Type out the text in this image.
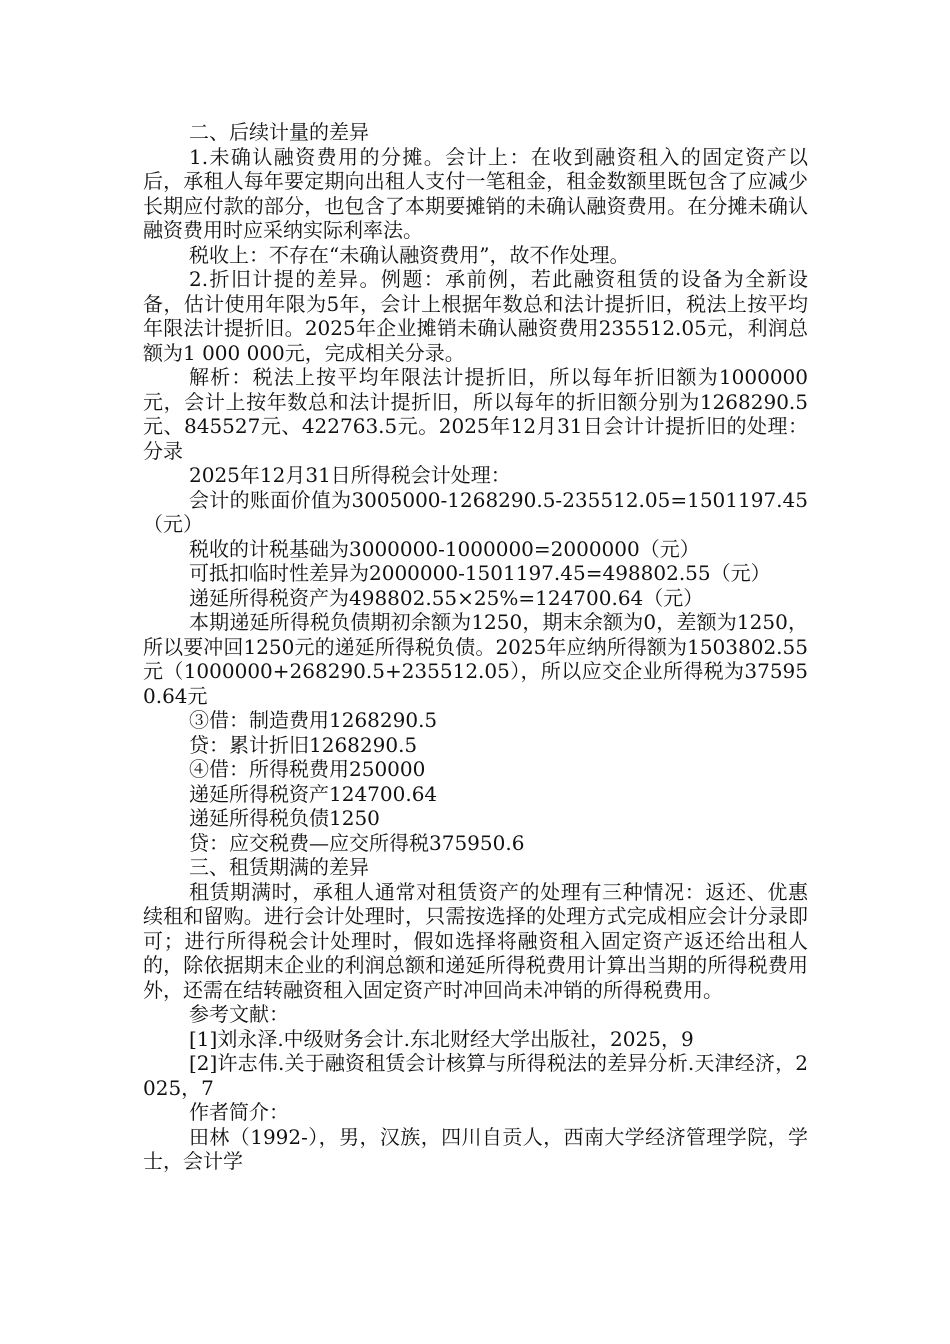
二、后续计量的差异

1.未确认融资费用的分摊。会计上：在收到融资租入的固定资产以后，承租人每年要定期向出租人支付一笔租金，租金数额里既包含了应减少长期应付款的部分，也包含了本期要摊销的未确认融资费用。在分摊未确认融资费用时应采纳实际利率法。

税收上：不存在“未确认融资费用”，故不作处理。

2.折旧计提的差异。例题：承前例，若此融资租赁的设备为全新设备，估计使用年限为5年，会计上根据年数总和法计提折旧，税法上按平均年限法计提折旧。2025年企业摊销未确认融资费用235512.05元，利润总额为1 000 000元，完成相关分录。

解析：税法上按平均年限法计提折旧，所以每年折旧额为1000000元，会计上按年数总和法计提折旧，所以每年的折旧额分别为1268290.5元、845527元、422763.5元。2025年12月31日会计计提折旧的处理：分录

2025年12月31日所得税会计处理：

会计的账面价值为3005000-1268290.5-235512.05=1501197.45（元）

税收的计税基础为3000000-1000000=2000000（元）

可抵扣临时性差异为2000000-1501197.45=498802.55（元）

递延所得税资产为498802.55×25%=124700.64（元）

本期递延所得税负债期初余额为1250，期末余额为0，差额为1250，所以要冲回1250元的递延所得税负债。2025年应纳所得额为1503802.55元（1000000+268290.5+235512.05），所以应交企业所得税为375950.64元

③借：制造费用1268290.5

贷：累计折旧1268290.5

④借：所得税费用250000

递延所得税资产124700.64

递延所得税负债1250

贷：应交税费—应交所得税375950.6

三、租赁期满的差异

租赁期满时，承租人通常对租赁资产的处理有三种情况：返还、优惠续租和留购。进行会计处理时，只需按选择的处理方式完成相应会计分录即可；进行所得税会计处理时，假如选择将融资租入固定资产返还给出租人的，除依据期末企业的利润总额和递延所得税费用计算出当期的所得税费用外，还需在结转融资租入固定资产时冲回尚未冲销的所得税费用。

参考文献：

[1]刘永泽.中级财务会计.东北财经大学出版社，2025，9

[2]许志伟.关于融资租赁会计核算与所得税法的差异分析.天津经济，2025，7

作者简介：

田林（1992-），男，汉族，四川自贡人，西南大学经济管理学院，学士，会计学
